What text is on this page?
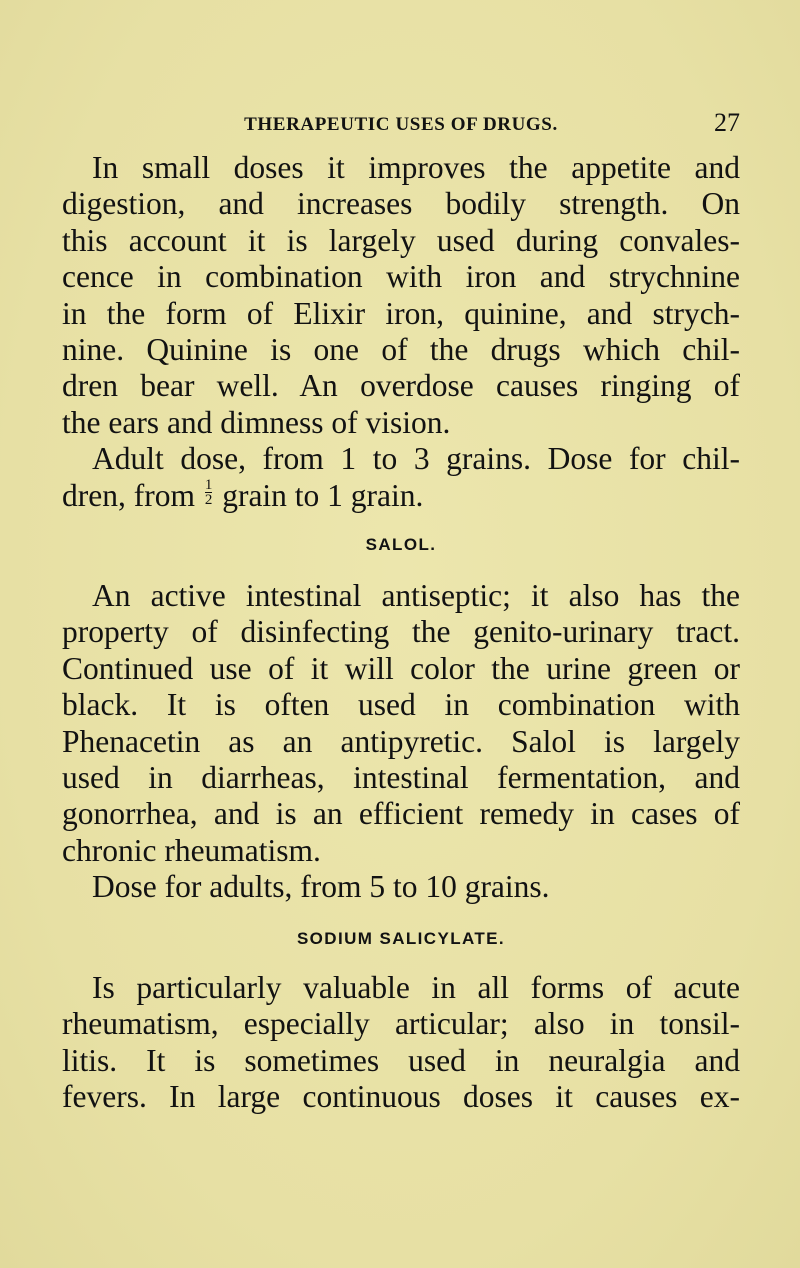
THERAPEUTIC USES OF DRUGS.	27
In small doses it improves the appetite and
digestion, and increases bodily strength. On
this account it is largely used during convales-
cence in combination with iron and strychnine
in the form of Elixir iron, quinine, and strych-
nine. Quinine is one of the drugs which chil-
dren bear well. An overdose causes ringing of
the ears and dimness of vision.
Adult dose, from 1 to 3 grains. Dose for chil-
dren, from $\frac{1}{2}$ grain to 1 grain.
SALOL.
An active intestinal antiseptic; it also has the
property of disinfecting the genito-urinary tract.
Continued use of it will color the urine green or
black. It is often used in combination with
Phenacetin as an antipyretic. Salol is largely
used in diarrheas, intestinal fermentation, and
gonorrhea, and is an efficient remedy in cases of
chronic rheumatism.
Dose for adults, from 5 to 10 grains.
SODIUM SALICYLATE.
Is particularly valuable in all forms of acute
rheumatism, especially articular; also in tonsil-
litis. It is sometimes used in neuralgia and
fevers. In large continuous doses it causes ex-
